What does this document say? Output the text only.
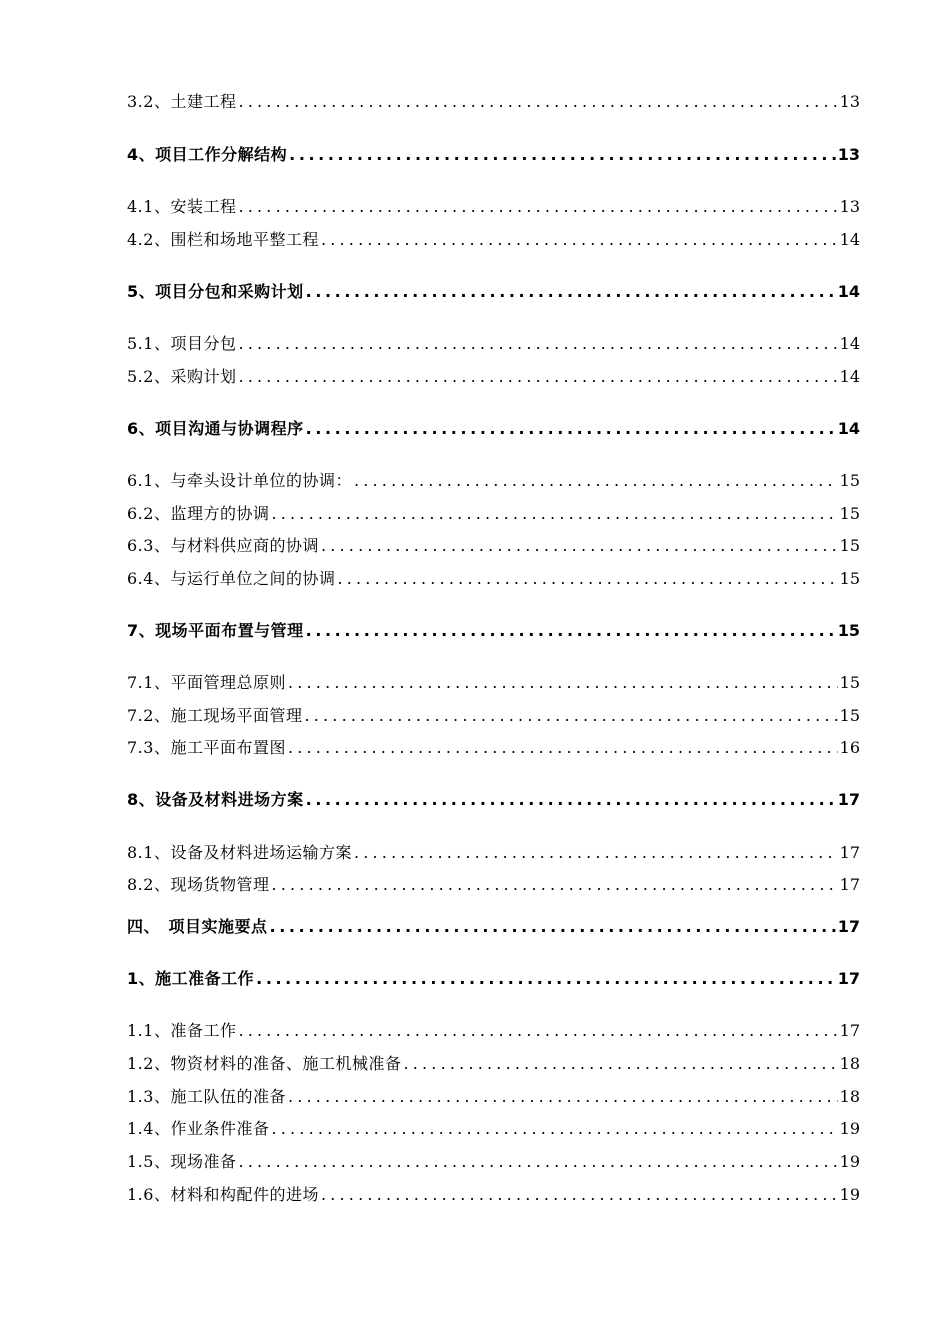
3.2、土建工程 .....	13
4、项目工作分解结构 .....	13
4.1、安装工程 .....	13
4.2、围栏和场地平整工程 .....	14
5、项目分包和采购计划 .....	14
5.1、项目分包 .....	14
5.2、采购计划 .....	14
6、项目沟通与协调程序 .....	14
6.1、与牵头设计单位的协调： .....	15
6.2、监理方的协调 .....	15
6.3、与材料供应商的协调 .....	15
6.4、与运行单位之间的协调 .....	15
7、现场平面布置与管理 .....	15
7.1、平面管理总原则 .....	15
7.2、施工现场平面管理 .....	15
7.3、施工平面布置图 .....	16
8、设备及材料进场方案 .....	17
8.1、设备及材料进场运输方案 .....	17
8.2、现场货物管理 .....	17
四、　项目实施要点 .....	17
1、施工准备工作 .....	17
1.1、准备工作 .....	17
1.2、物资材料的准备、施工机械准备 .....	18
1.3、施工队伍的准备 .....	18
1.4、作业条件准备 .....	19
1.5、现场准备 .....	19
1.6、材料和构配件的进场 .....	19
